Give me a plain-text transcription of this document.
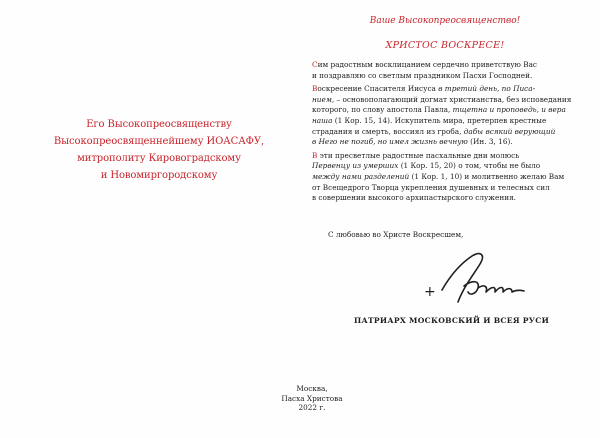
Его Высокопреосвященству
Высокопреосвященнейшему ИОАСАФУ,
митрополиту Кировоградскому
и Новомиргородскому
Ваше Высокопреосвященство!
ХРИСТОС ВОСКРЕСЕ!

Сим радостным восклицанием сердечно приветствую Вас
и поздравляю со светлым праздником Пасхи Господней.

Воскресение Спасителя Иисуса в третий день, по Писа-
нием, – основополагающий догмат христианства, без исповедания
которого, по слову апостола Павла, тщетна и проповедь, и вера
наша (1 Кор. 15, 14). Искупитель мира, претерпев крестные
страдания и смерть, воссиял из гроба, дабы всякий верующий
в Него не погиб, но имел жизнь вечную (Ин. 3, 16).

В эти пресветлые радостные пасхальные дни молюсь
Первенцу из умерших (1 Кор. 15, 20) о том, чтобы не было
между нами разделений (1 Кор. 1, 10) и молитвенно желаю Вам
от Всещедрого Творца укрепления душевных и телесных сил
в совершении высокого архипастырского служения.

С любовью во Христе Воскресшем,
+
ПАТРИАРХ МОСКОВСКИЙ И ВСЕЯ РУСИ
Москва,
Пасха Христова
2022 г.
